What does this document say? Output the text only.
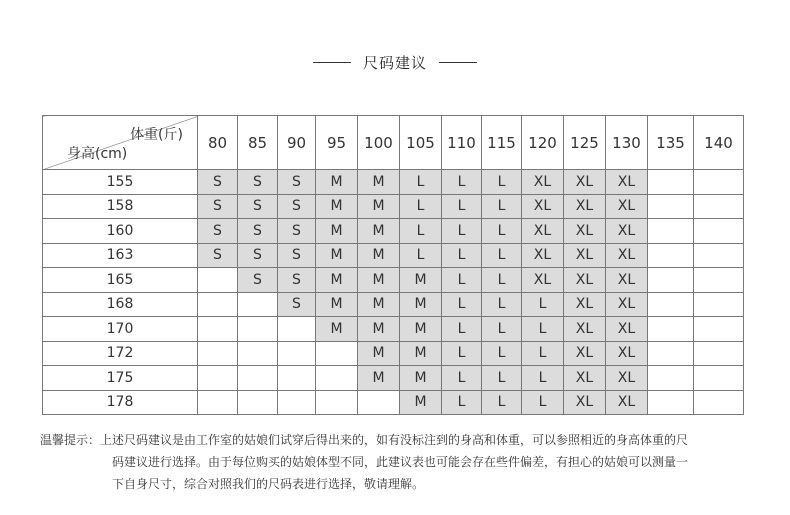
尺码建议
体重(斤)
身高(cm)	80	85	90	95	100	105	110	115	120	125	130	135	140
155	S	S	S	M	M	L	L	L	XL	XL	XL		
158	S	S	S	M	M	L	L	L	XL	XL	XL		
160	S	S	S	M	M	L	L	L	XL	XL	XL		
163	S	S	S	M	M	L	L	L	XL	XL	XL		
165		S	S	M	M	M	L	L	XL	XL	XL		
168			S	M	M	M	L	L	L	XL	XL		
170				M	M	M	L	L	L	XL	XL		
172					M	M	L	L	L	XL	XL		
175					M	M	L	L	L	XL	XL		
178						M	L	L	L	XL	XL		
温馨提示：上述尺码建议是由工作室的姑娘们试穿后得出来的，如有没标注到的身高和体重，可以参照相近的身高体重的尺

码建议进行选择。由于每位购买的姑娘体型不同，此建议表也可能会存在些件偏差，有担心的姑娘可以测量一
下自身尺寸，综合对照我们的尺码表进行选择，敬请理解。
